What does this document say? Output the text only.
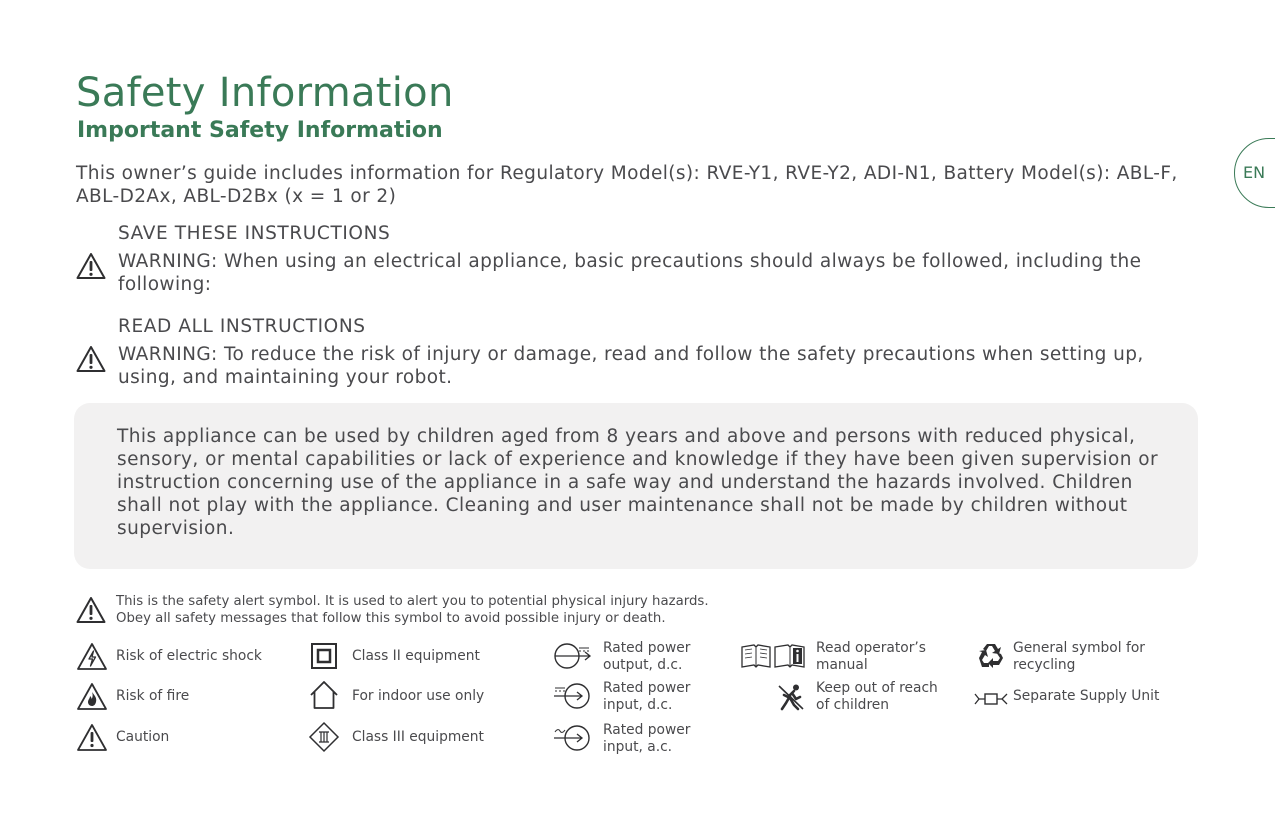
Safety Information
Important Safety Information
EN

This owner’s guide includes information for Regulatory Model(s): RVE-Y1, RVE-Y2, ADI-N1, Battery Model(s): ABL-F, ABL-D2Ax, ABL-D2Bx (x = 1 or 2)

SAVE THESE INSTRUCTIONS

WARNING: When using an electrical appliance, basic precautions should always be followed, including the following:

READ ALL INSTRUCTIONS

WARNING: To reduce the risk of injury or damage, read and follow the safety precautions when setting up, using, and maintaining your robot.

This appliance can be used by children aged from 8 years and above and persons with reduced physical, sensory, or mental capabilities or lack of experience and knowledge if they have been given supervision or instruction concerning use of the appliance in a safe way and understand the hazards involved. Children shall not play with the appliance. Cleaning and user maintenance shall not be made by children without supervision.

This is the safety alert symbol. It is used to alert you to potential physical injury hazards.
Obey all safety messages that follow this symbol to avoid possible injury or death.

Risk of electric shock
Risk of fire
Caution
Class II equipment
For indoor use only
Class III equipment
Rated power
output, d.c.
Rated power
input, d.c.
Rated power
input, a.c.
Read operator’s
manual
Keep out of reach
of children
General symbol for
recycling
Separate Supply Unit
